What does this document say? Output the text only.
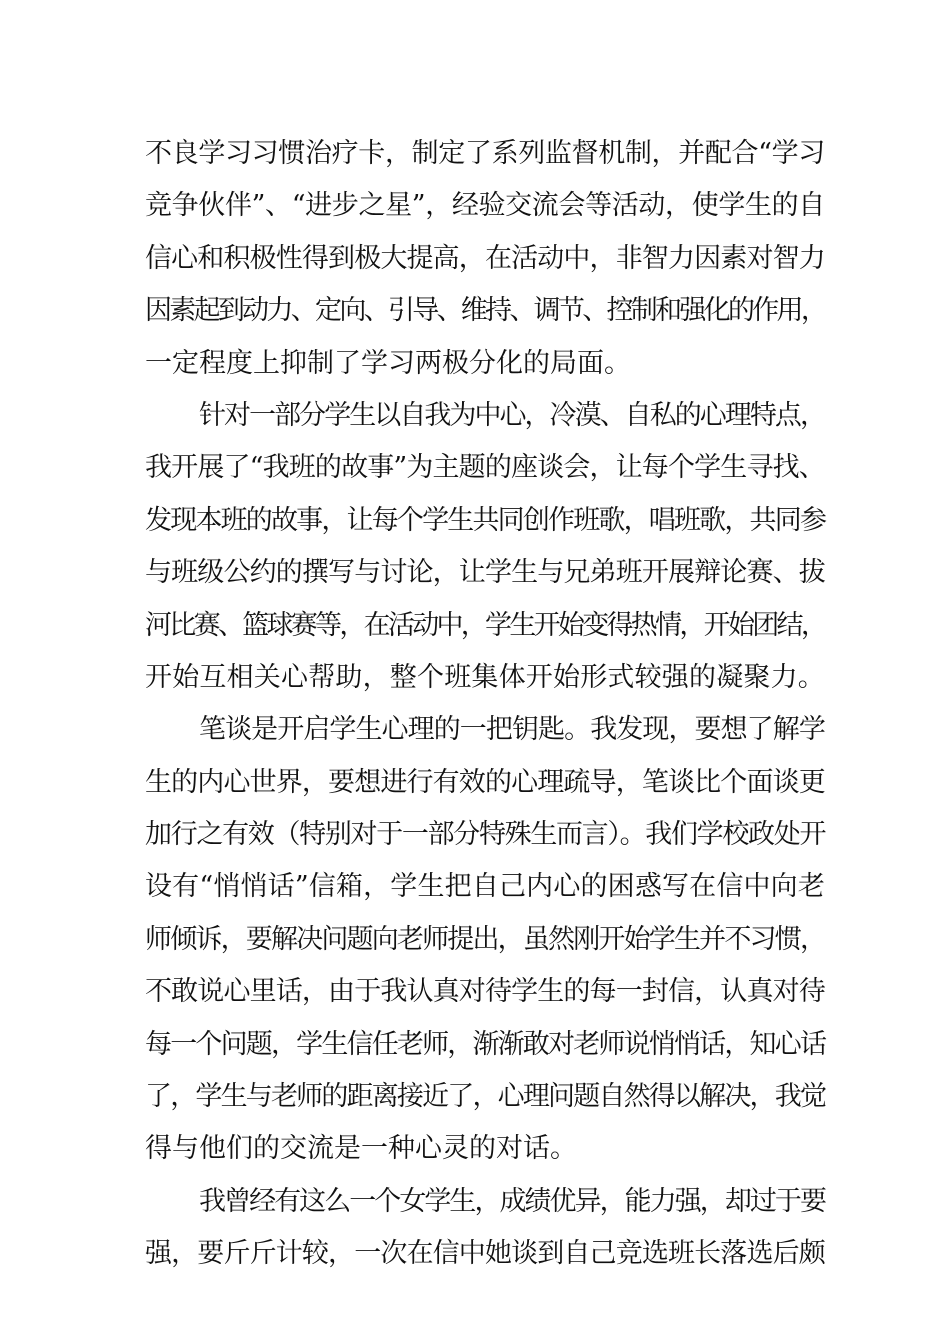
不良学习习惯治疗卡，制定了系列监督机制，并配合“学习
竞争伙伴”、“进步之星”，经验交流会等活动，使学生的自
信心和积极性得到极大提高，在活动中，非智力因素对智力
因素起到动力、定向、引导、维持、调节、控制和强化的作用，
一定程度上抑制了学习两极分化的局面。
针对一部分学生以自我为中心，冷漠、自私的心理特点，
我开展了“我班的故事”为主题的座谈会，让每个学生寻找、
发现本班的故事，让每个学生共同创作班歌，唱班歌，共同参
与班级公约的撰写与讨论，让学生与兄弟班开展辩论赛、拔
河比赛、篮球赛等，在活动中，学生开始变得热情，开始团结，
开始互相关心帮助，整个班集体开始形式较强的凝聚力。
笔谈是开启学生心理的一把钥匙。我发现，要想了解学
生的内心世界，要想进行有效的心理疏导，笔谈比个面谈更
加行之有效（特别对于一部分特殊生而言）。我们学校政处开
设有“悄悄话”信箱，学生把自己内心的困惑写在信中向老
师倾诉，要解决问题向老师提出，虽然刚开始学生并不习惯，
不敢说心里话，由于我认真对待学生的每一封信，认真对待
每一个问题，学生信任老师，渐渐敢对老师说悄悄话，知心话
了，学生与老师的距离接近了，心理问题自然得以解决，我觉
得与他们的交流是一种心灵的对话。
我曾经有这么一个女学生，成绩优异，能力强，却过于要
强，要斤斤计较，一次在信中她谈到自己竞选班长落选后颇
